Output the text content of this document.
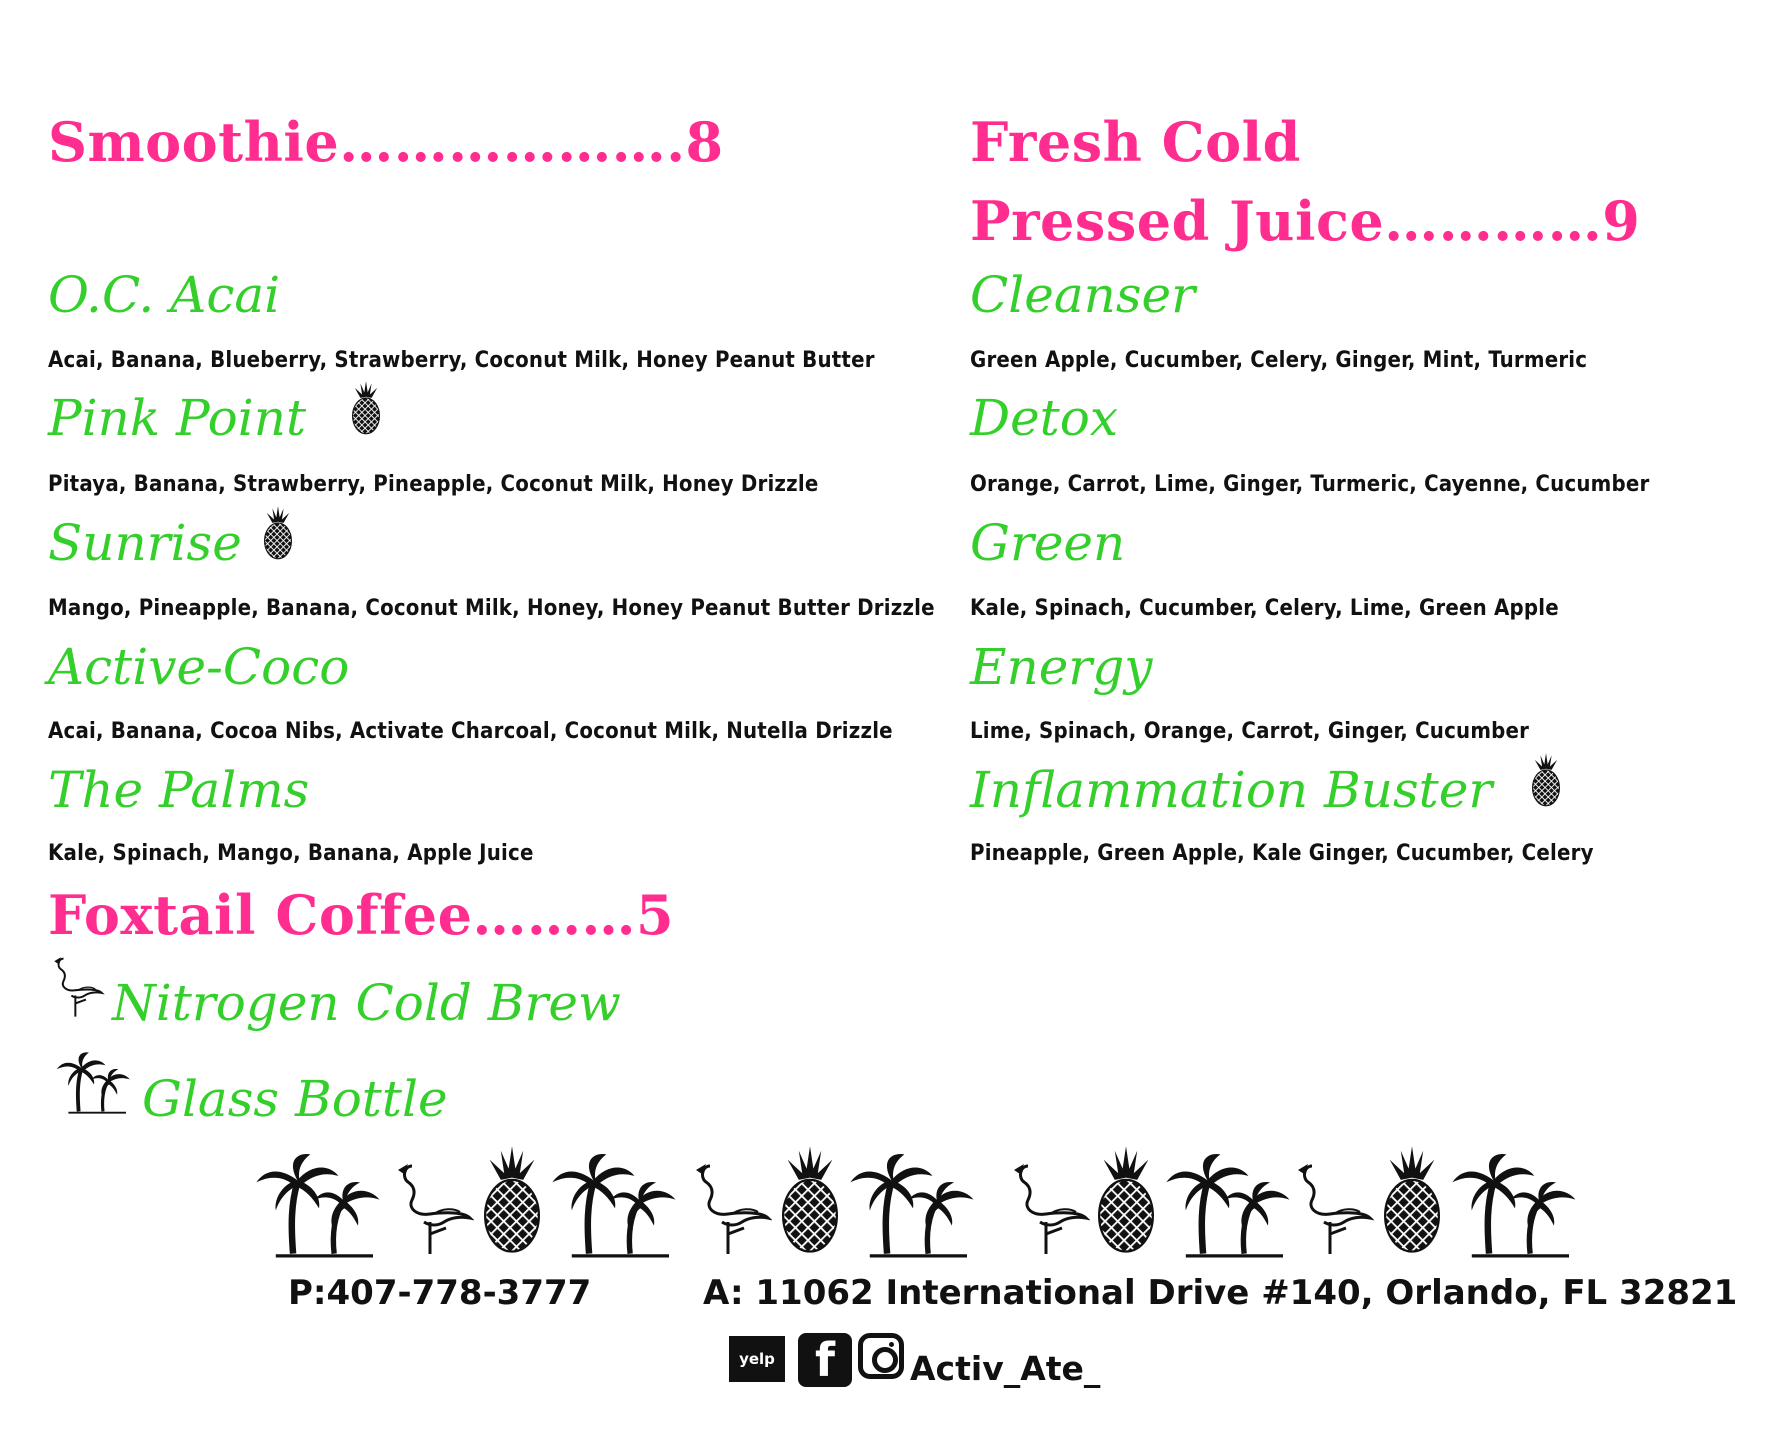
Smoothie……………….8
O.C. Acai
Acai, Banana, Blueberry, Strawberry, Coconut Milk, Honey Peanut Butter
Pink Point
Pitaya, Banana, Strawberry, Pineapple, Coconut Milk, Honey Drizzle
Sunrise
Mango, Pineapple, Banana, Coconut Milk, Honey, Honey Peanut Butter Drizzle
Active-Coco
Acai, Banana, Cocoa Nibs, Activate Charcoal, Coconut Milk, Nutella Drizzle
The Palms
Kale, Spinach, Mango, Banana, Apple Juice
Foxtail Coffee………5
Nitrogen Cold Brew
Glass Bottle
Fresh Cold
Pressed Juice…………9
Cleanser
Green Apple, Cucumber, Celery, Ginger, Mint, Turmeric
Detox
Orange, Carrot, Lime, Ginger, Turmeric, Cayenne, Cucumber
Green
Kale, Spinach, Cucumber, Celery, Lime, Green Apple
Energy
Lime, Spinach, Orange, Carrot, Ginger, Cucumber
Inflammation Buster
Pineapple, Green Apple, Kale Ginger, Cucumber, Celery
P:407-778-3777	A: 11062 International Drive #140, Orlando, FL 32821
yelp f	Activ_Ate_
